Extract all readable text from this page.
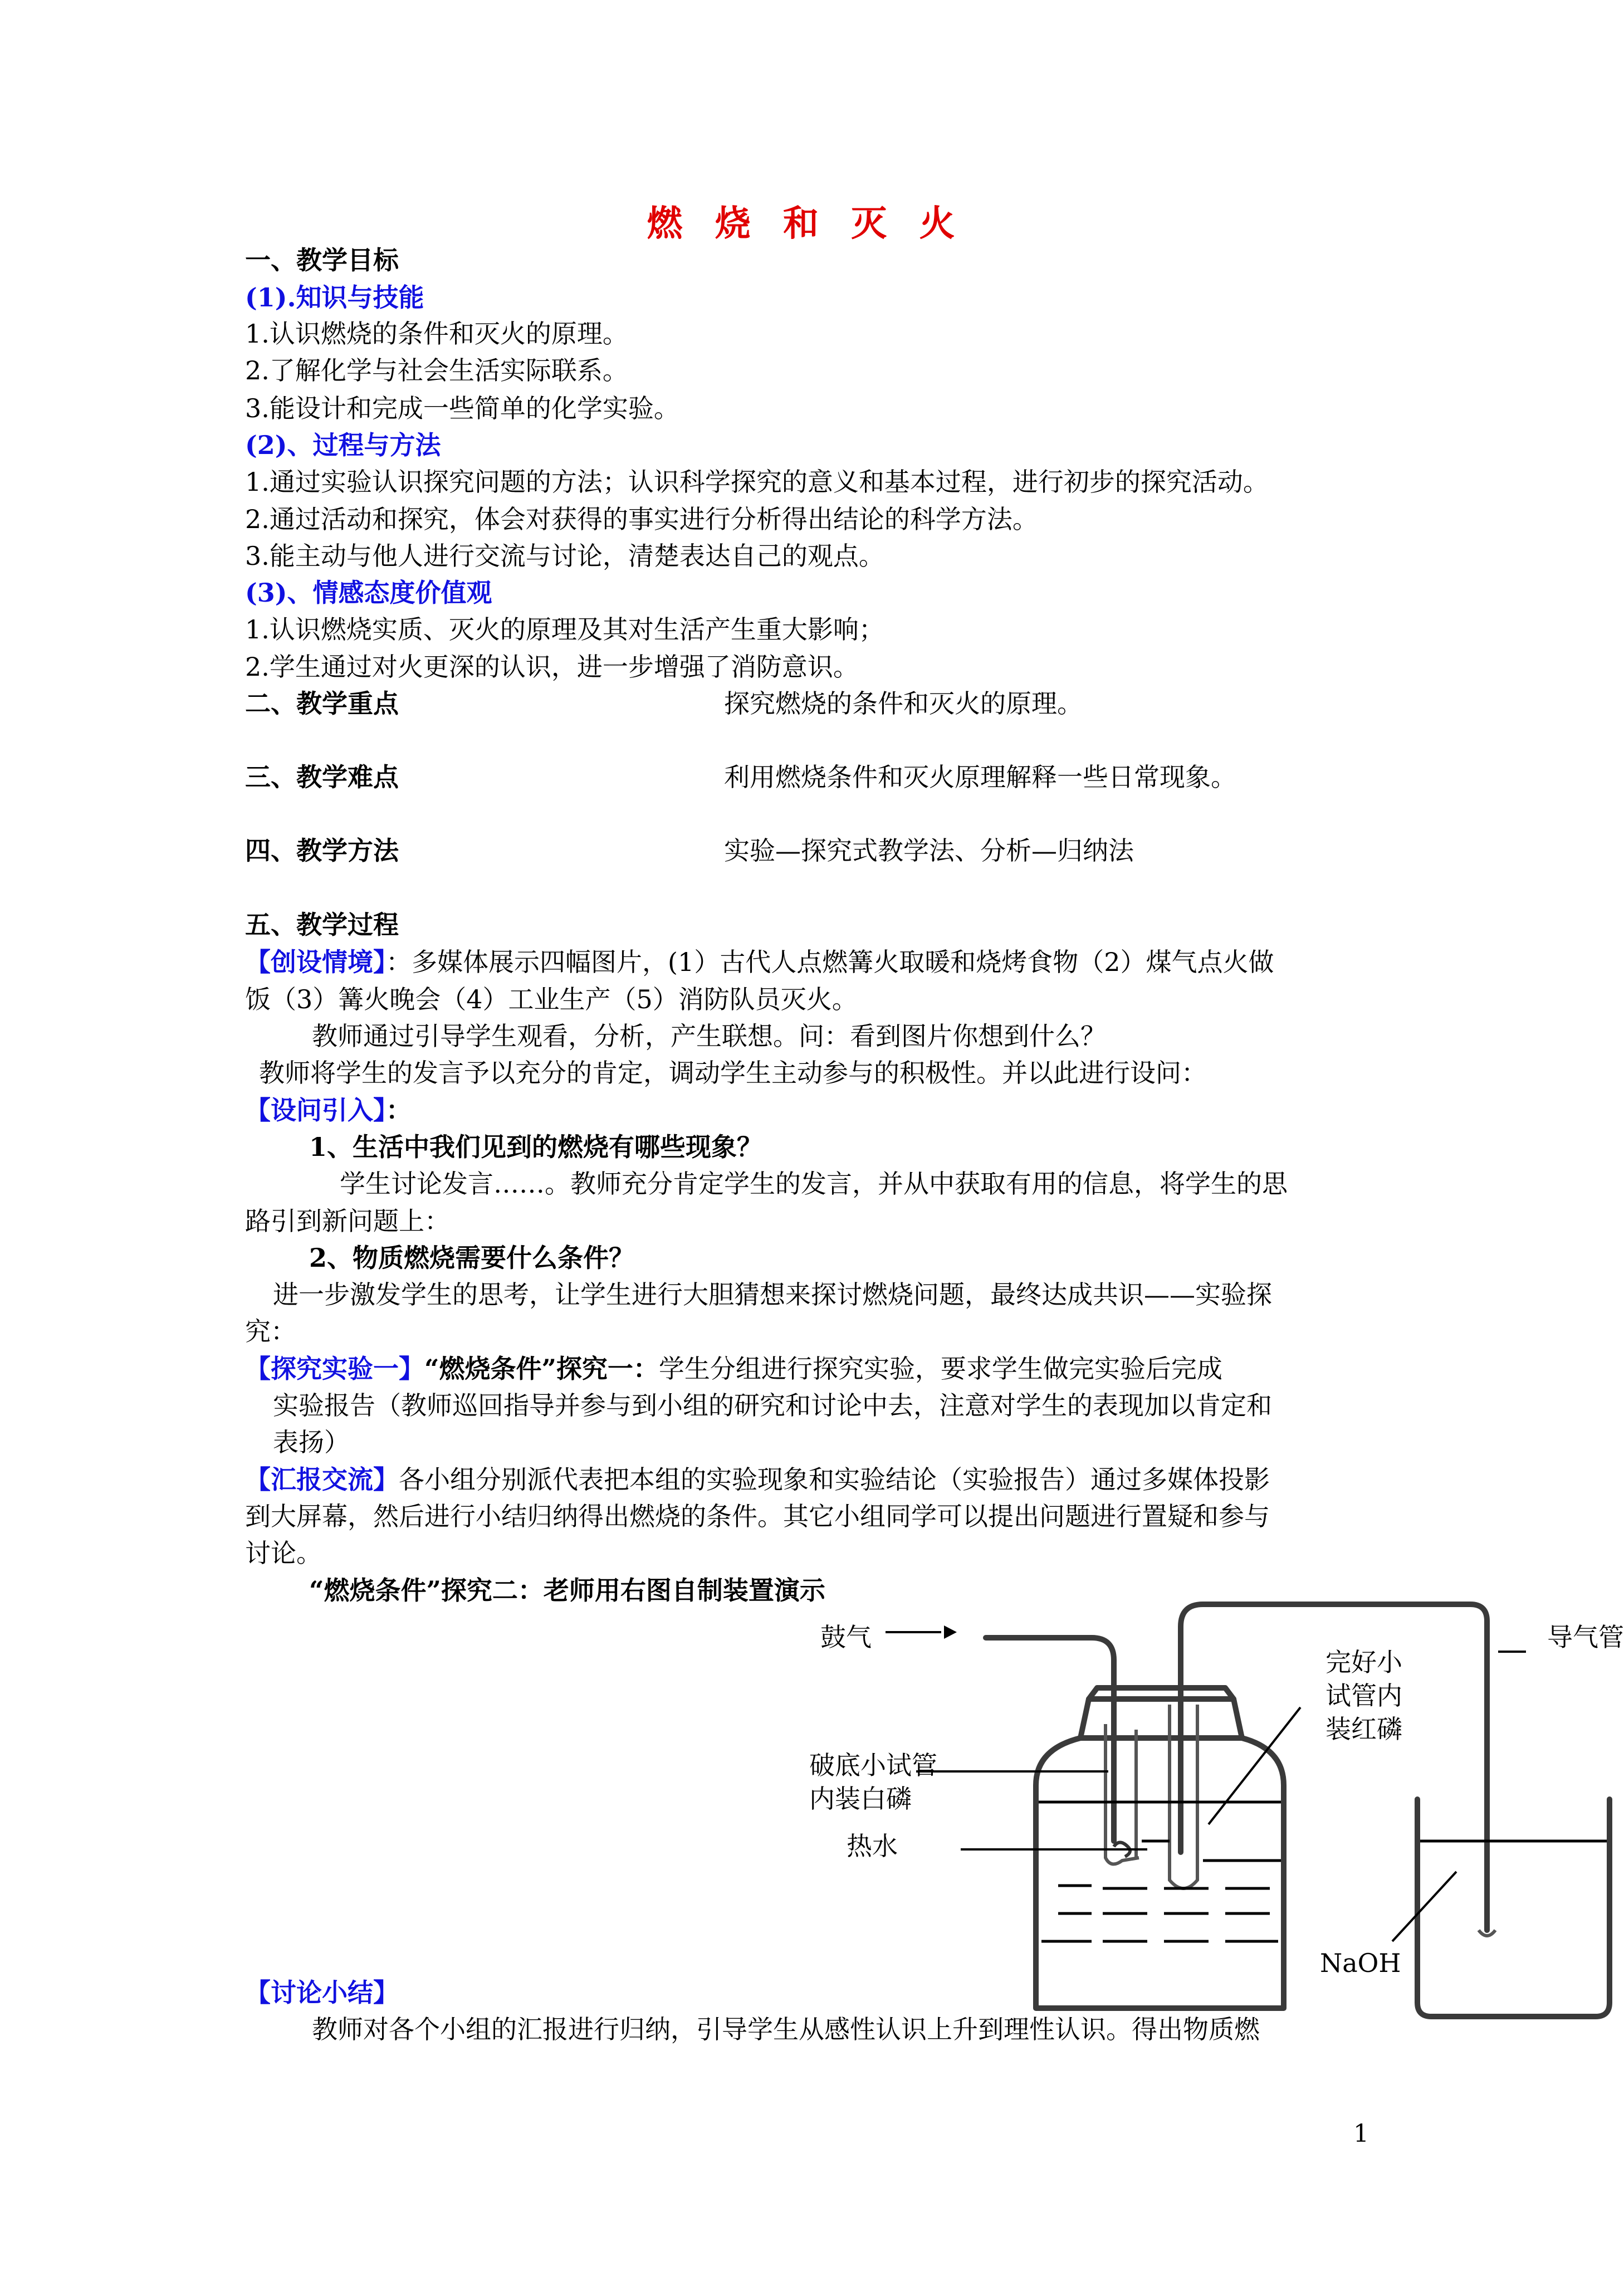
燃 烧 和 灭 火
一、教学目标
(1).知识与技能
1.认识燃烧的条件和灭火的原理。
2.了解化学与社会生活实际联系。
3.能设计和完成一些简单的化学实验。
(2)、过程与方法
1.通过实验认识探究问题的方法；认识科学探究的意义和基本过程，进行初步的探究活动。
2.通过活动和探究，体会对获得的事实进行分析得出结论的科学方法。
3.能主动与他人进行交流与讨论，清楚表达自己的观点。
(3)、情感态度价值观
1.认识燃烧实质、灭火的原理及其对生活产生重大影响；
2.学生通过对火更深的认识，进一步增强了消防意识。
二、教学重点	探究燃烧的条件和灭火的原理。
三、教学难点	利用燃烧条件和灭火原理解释一些日常现象。
四、教学方法	实验—探究式教学法、分析—归纳法
五、教学过程
【创设情境】：多媒体展示四幅图片，(1）古代人点燃篝火取暖和烧烤食物（2）煤气点火做
饭（3）篝火晚会（4）工业生产（5）消防队员灭火。
教师通过引导学生观看，分析，产生联想。问：看到图片你想到什么？
教师将学生的发言予以充分的肯定，调动学生主动参与的积极性。并以此进行设问：
【设问引入】：
1、生活中我们见到的燃烧有哪些现象？
学生讨论发言……。教师充分肯定学生的发言，并从中获取有用的信息，将学生的思
路引到新问题上：
2、物质燃烧需要什么条件？
进一步激发学生的思考，让学生进行大胆猜想来探讨燃烧问题，最终达成共识——实验探
究：
【探究实验一】“燃烧条件”探究一：学生分组进行探究实验，要求学生做完实验后完成
实验报告（教师巡回指导并参与到小组的研究和讨论中去，注意对学生的表现加以肯定和
表扬）
【汇报交流】各小组分别派代表把本组的实验现象和实验结论（实验报告）通过多媒体投影
到大屏幕，然后进行小结归纳得出燃烧的条件。其它小组同学可以提出问题进行置疑和参与
讨论。
“燃烧条件”探究二：老师用右图自制装置演示
鼓气	导气管
完好小
试管内
装红磷
破底小试管
内装白磷
热水
NaOH
【讨论小结】
教师对各个小组的汇报进行归纳，引导学生从感性认识上升到理性认识。得出物质燃
1
